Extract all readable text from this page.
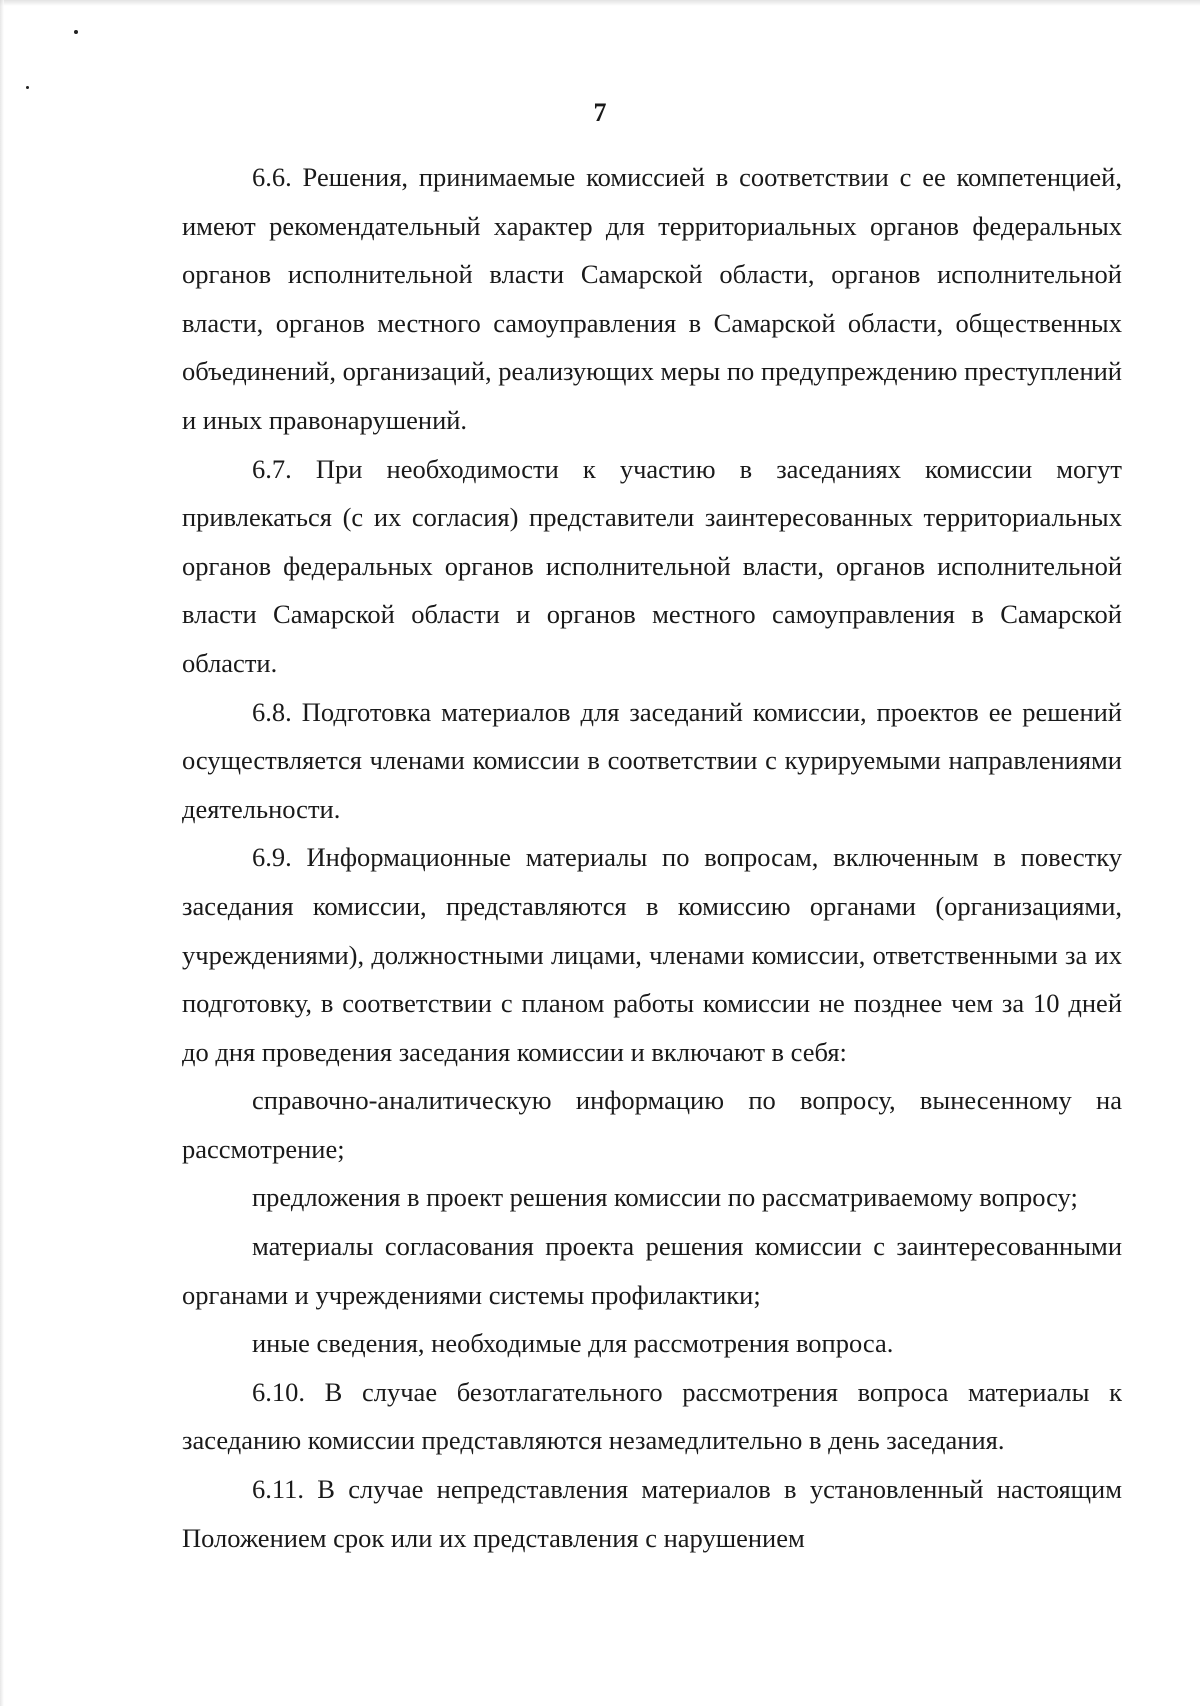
7

6.6. Решения, принимаемые комиссией в соответствии с ее компетенцией, имеют рекомендательный характер для территориальных органов федеральных органов исполнительной власти Самарской области, органов исполнительной власти, органов местного самоуправления в Самарской области, общественных объединений, организаций, реализующих меры по предупреждению преступлений и иных правонарушений.

6.7. При необходимости к участию в заседаниях комиссии могут привлекаться (с их согласия) представители заинтересованных территориальных органов федеральных органов исполнительной власти, органов исполнительной власти Самарской области и органов местного самоуправления в Самарской области.

6.8. Подготовка материалов для заседаний комиссии, проектов ее решений осуществляется членами комиссии в соответствии с курируемыми направлениями деятельности.

6.9. Информационные материалы по вопросам, включенным в повестку заседания комиссии, представляются в комиссию органами (организациями, учреждениями), должностными лицами, членами комиссии, ответственными за их подготовку, в соответствии с планом работы комиссии не позднее чем за 10 дней до дня проведения заседания комиссии и включают в себя:

справочно-аналитическую информацию по вопросу, вынесенному на рассмотрение;

предложения в проект решения комиссии по рассматриваемому вопросу;

материалы согласования проекта решения комиссии с заинтересованными органами и учреждениями системы профилактики;

иные сведения, необходимые для рассмотрения вопроса.

6.10. В случае безотлагательного рассмотрения вопроса материалы к заседанию комиссии представляются незамедлительно в день заседания.

6.11. В случае непредставления материалов в установленный настоящим Положением срок или их представления с нарушением
